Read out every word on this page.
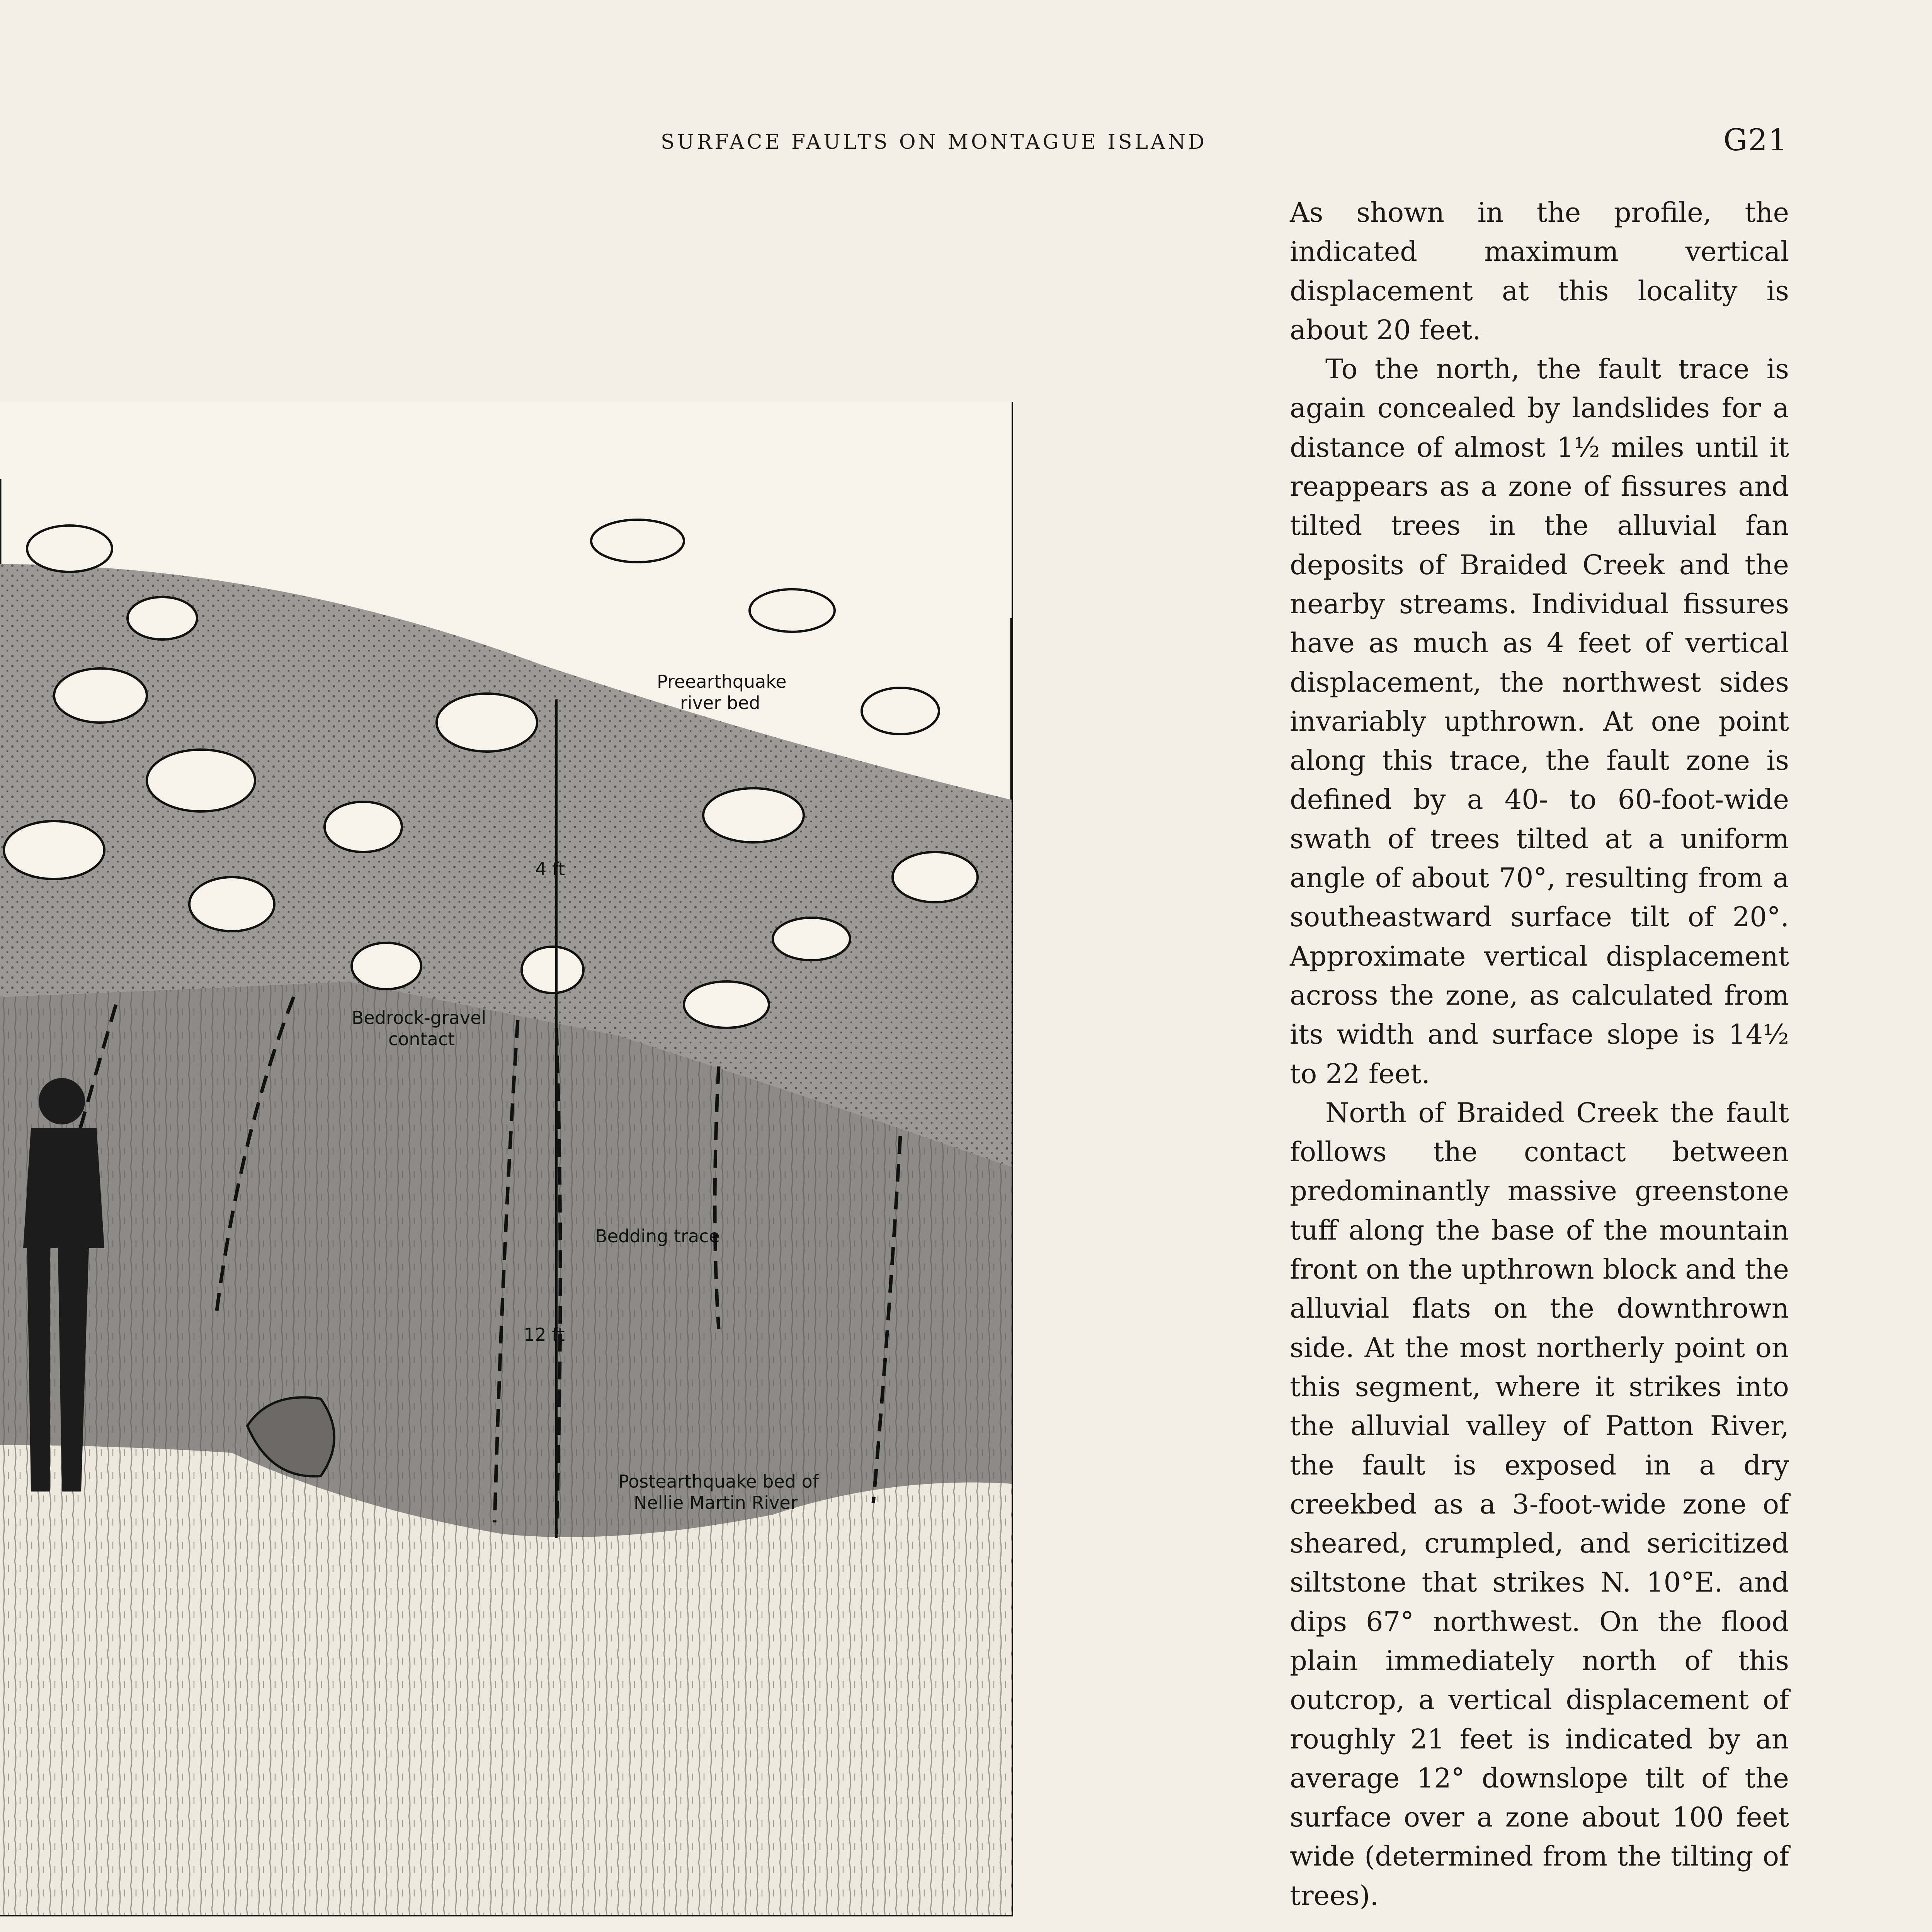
SURFACE FAULTS ON MONTAGUE ISLAND	G21
Preearthquake
river bed
4 ft
Bedrock-gravel
contact
Bedding trace
12 ft
Postearthquake bed of
Nellie Martin River

As shown in the profile, the indicated maximum vertical displacement at this locality is about 20 feet.

To the north, the fault trace is again concealed by landslides for a distance of almost 1½ miles until it reappears as a zone of fissures and tilted trees in the alluvial fan deposits of Braided Creek and the nearby streams. Individual fissures have as much as 4 feet of vertical displacement, the northwest sides invariably upthrown. At one point along this trace, the fault zone is defined by a 40- to 60-foot-wide swath of trees tilted at a uniform angle of about 70°, resulting from a southeastward surface tilt of 20°. Approximate vertical displacement across the zone, as calculated from its width and surface slope is 14½ to 22 feet.

North of Braided Creek the fault follows the contact between predominantly massive greenstone tuff along the base of the mountain front on the upthrown block and the alluvial flats on the downthrown side. At the most northerly point on this segment, where it strikes into the alluvial valley of Patton River, the fault is exposed in a dry creekbed as a 3-foot-wide zone of sheared, crumpled, and sericitized siltstone that strikes N. 10°E. and dips 67° northwest. On the flood plain immediately north of this outcrop, a vertical displacement of roughly 21 feet is indicated by an average 12° downslope tilt of the surface over a zone about 100 feet wide (determined from the tilting of trees).
